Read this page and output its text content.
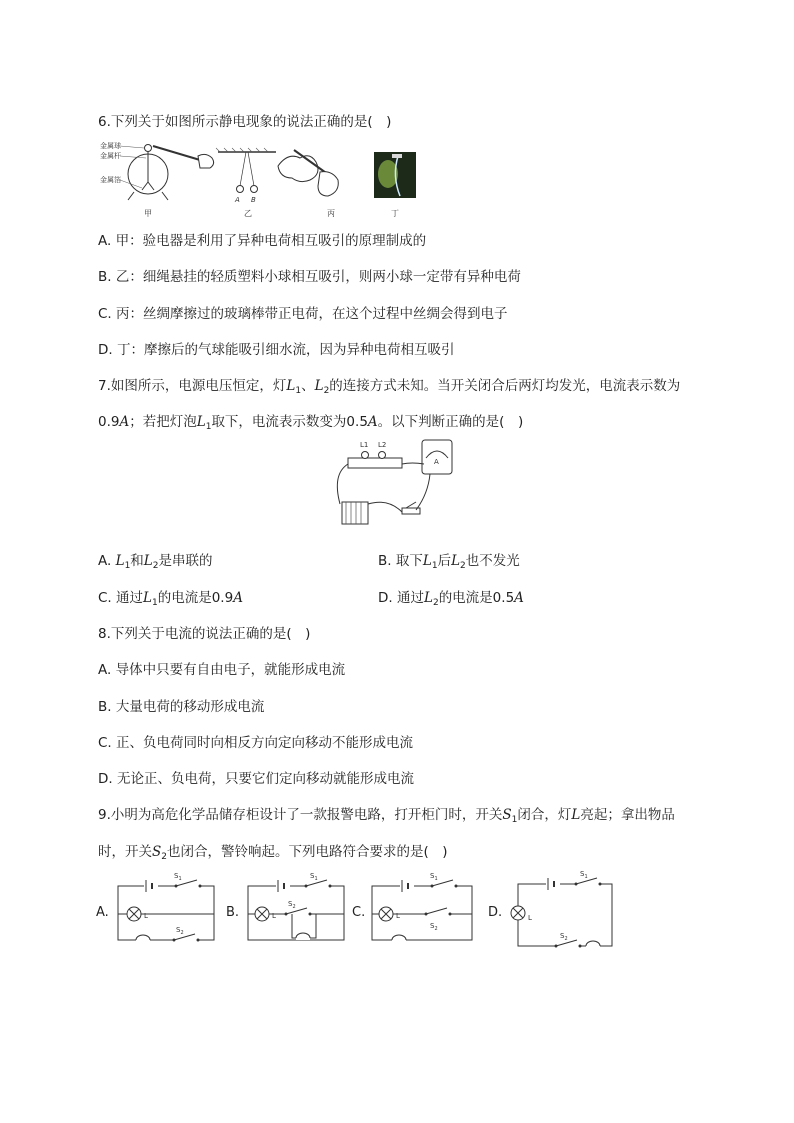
6.下列关于如图所示静电现象的说法正确的是(　)
金属球
金属杆
金属箔
甲
A B
乙	丙	丁
A. 甲：验电器是利用了异种电荷相互吸引的原理制成的
B. 乙：细绳悬挂的轻质塑料小球相互吸引，则两小球一定带有异种电荷
C. 丙：丝绸摩擦过的玻璃棒带正电荷，在这个过程中丝绸会得到电子
D. 丁：摩擦后的气球能吸引细水流，因为异种电荷相互吸引
7.如图所示，电源电压恒定，灯$L_1$、$L_2$的连接方式未知。当开关闭合后两灯均发光，电流表示数为
0.9A；若把灯泡$L_1$取下，电流表示数变为0.5A。以下判断正确的是(　)
L1 L2
A
A. $L_1$和$L_2$是串联的	B. 取下$L_1$后$L_2$也不发光
C. 通过$L_1$的电流是0.9A	D. 通过$L_2$的电流是0.5A
8.下列关于电流的说法正确的是(　)
A. 导体中只要有自由电子，就能形成电流
B. 大量电荷的移动形成电流
C. 正、负电荷同时向相反方向定向移动不能形成电流
D. 无论正、负电荷，只要它们定向移动就能形成电流
9.小明为高危化学品储存柜设计了一款报警电路，打开柜门时，开关$S_1$闭合，灯L亮起；拿出物品
时，开关$S_2$也闭合，警铃响起。下列电路符合要求的是(　)
A.
$S_1$
L
$S_2$
B.
$S_1$
L
$S_2$	C.
$S_1$
L
$S_2$
D.
$S_1$
L
$S_2$
